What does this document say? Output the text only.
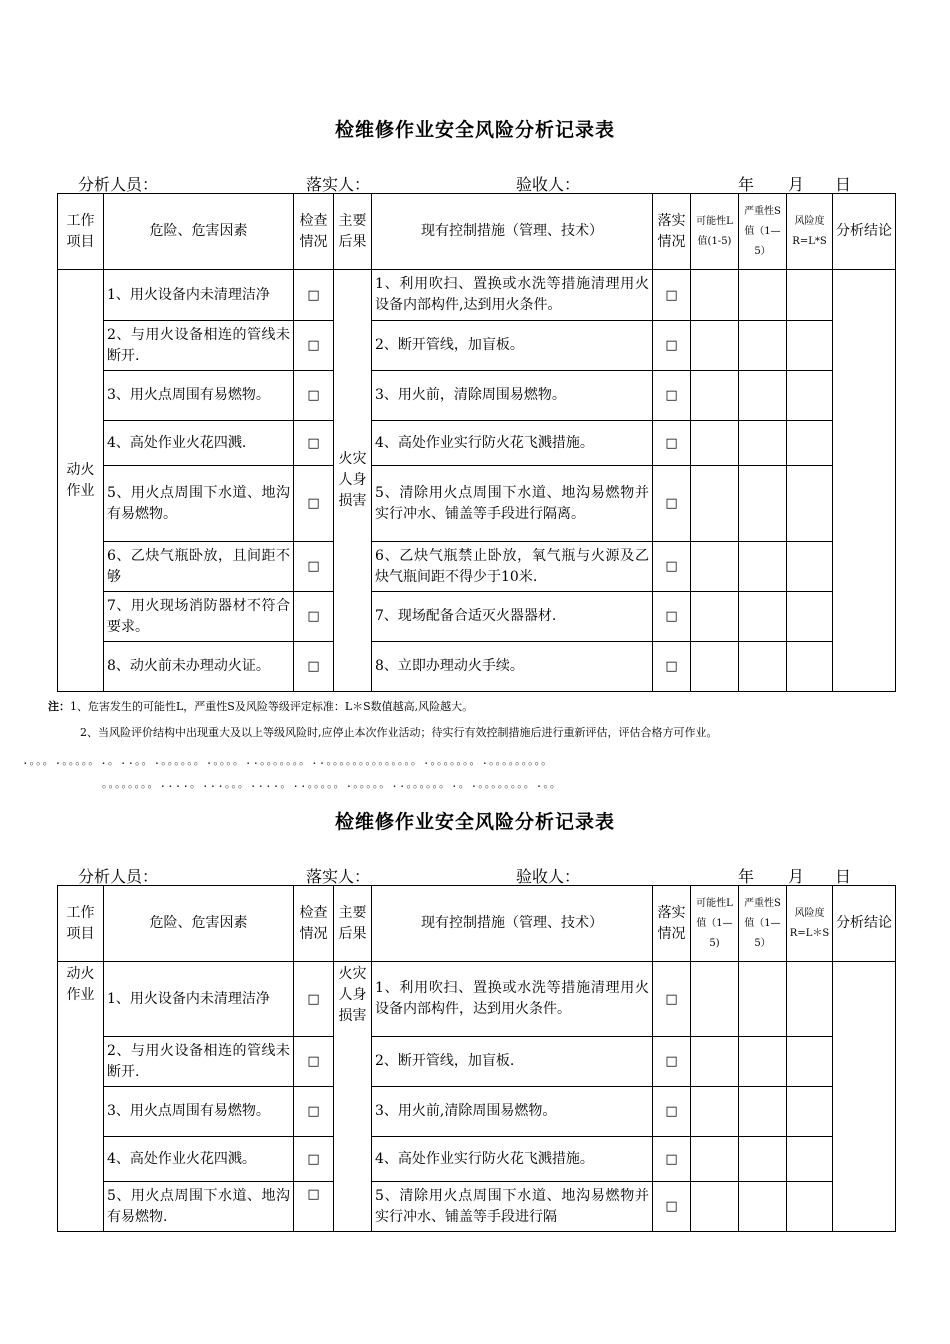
检维修作业安全风险分析记录表
分析人员：	落实人：	验收人：	年 月 日
工作项目	危险、危害因素	检查情况	主要后果	现有控制措施（管理、技术）	落实情况	可能性L值(1-5)	严重性S值（1—5）	风险度R=L*S	分析结论
动火作业	1、用火设备内未清理洁净	□	火灾人身损害	1、利用吹扫、置换或水洗等措施清理用火设备内部构件,达到用火条件。	□				
	2、与用火设备相连的管线未断开.	□		2、断开管线，加盲板。	□				
	3、用火点周围有易燃物。	□		3、用火前，清除周围易燃物。	□				
	4、高处作业火花四溅.	□		4、高处作业实行防火花飞溅措施。	□				
	5、用火点周围下水道、地沟有易燃物。	□		5、清除用火点周围下水道、地沟易燃物并实行冲水、铺盖等手段进行隔离。	□				
	6、乙炔气瓶卧放，且间距不够	□		6、乙炔气瓶禁止卧放，氧气瓶与火源及乙炔气瓶间距不得少于10米.	□				
	7、用火现场消防器材不符合要求。	□		7、现场配备合适灭火器器材.	□				
	8、动火前未办理动火证。	□		8、立即办理动火手续。	□				
注：1、危害发生的可能性L，严重性S及风险等级评定标准：L＊S数值越高,风险越大。
2、当风险评价结构中出现重大及以上等级风险时,应停止本次作业活动；待实行有效控制措施后进行重新评估，评估合格方可作业。
.。。。.。。。。。.。..。。.。。。。。。.。。。。..。。。。。。。..。。。。。。。。。。。。。。.。。。。。。。.。。。。。。。。。
。。。。。。。。....。...。。。....。..。。。。。.。。。。。..。。。。。。.。.。。。。。。。。.。。
检维修作业安全风险分析记录表
分析人员：	落实人：	验收人：	年 月 日
工作项目	危险、危害因素	检查情况	主要后果	现有控制措施（管理、技术）	落实情况	可能性L值（1—5)	严重性S值（1—5）	风险度R=L＊S	分析结论
动火作业	1、用火设备内未清理洁净	□	火灾人身损害	1、利用吹扫、置换或水洗等措施清理用火设备内部构件，达到用火条件。	□				
	2、与用火设备相连的管线未断开.	□		2、断开管线，加盲板.	□				
	3、用火点周围有易燃物。	□		3、用火前,清除周围易燃物。	□				
	4、高处作业火花四溅。	□		4、高处作业实行防火花飞溅措施。	□				
	5、用火点周围下水道、地沟有易燃物.	□		5、清除用火点周围下水道、地沟易燃物并实行冲水、铺盖等手段进行隔	□				
